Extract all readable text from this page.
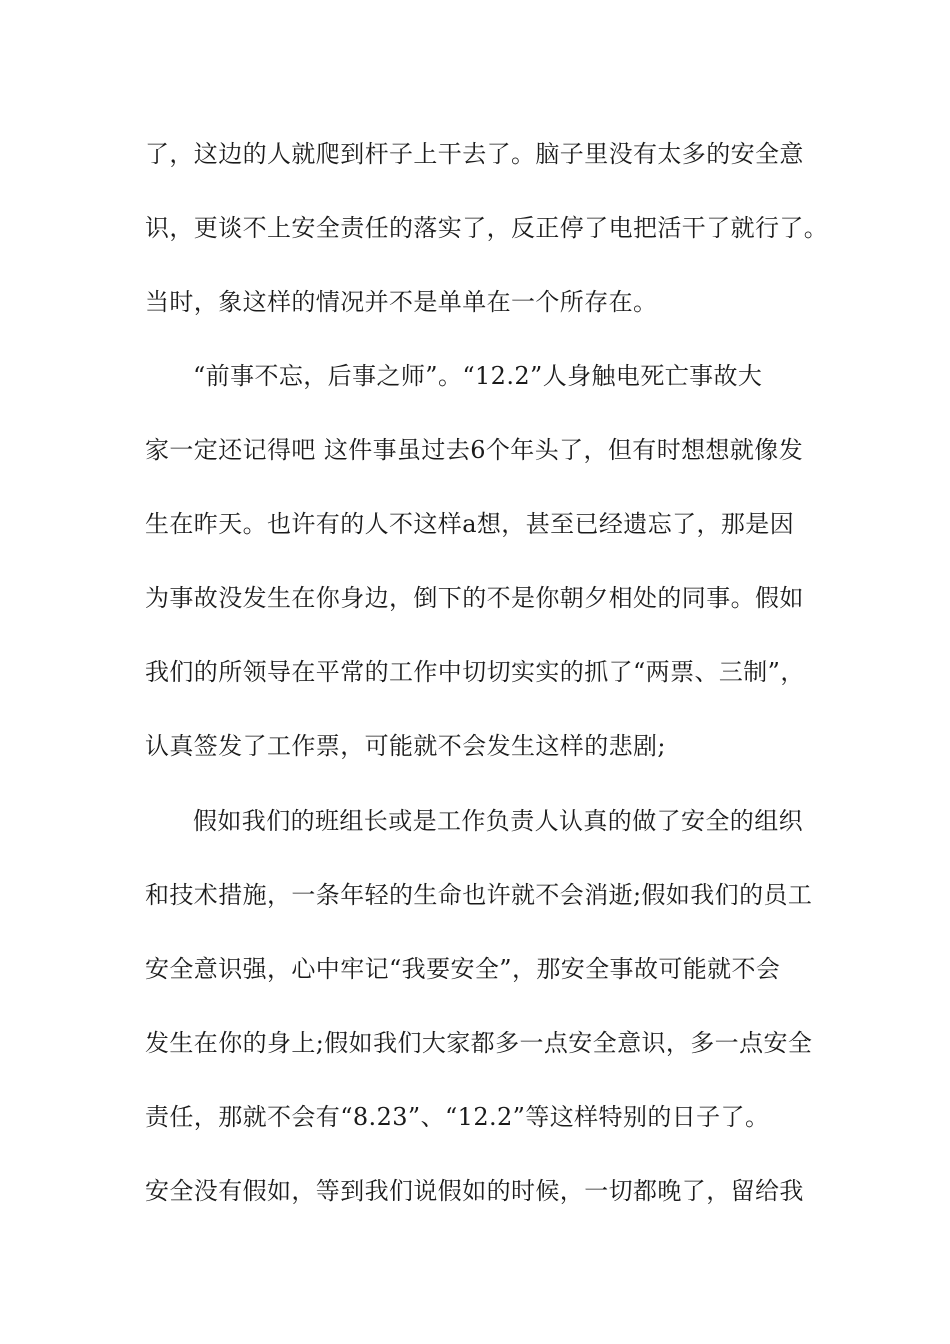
了，这边的人就爬到杆子上干去了。脑子里没有太多的安全意
识，更谈不上安全责任的落实了，反正停了电把活干了就行了。
当时，象这样的情况并不是单单在一个所存在。
“前事不忘，后事之师”。“12.2”人身触电死亡事故大
家一定还记得吧 这件事虽过去6个年头了，但有时想想就像发
生在昨天。也许有的人不这样a想，甚至已经遗忘了，那是因
为事故没发生在你身边，倒下的不是你朝夕相处的同事。假如
我们的所领导在平常的工作中切切实实的抓了“两票、三制”，
认真签发了工作票，可能就不会发生这样的悲剧;
假如我们的班组长或是工作负责人认真的做了安全的组织
和技术措施，一条年轻的生命也许就不会消逝;假如我们的员工
安全意识强，心中牢记“我要安全”，那安全事故可能就不会
发生在你的身上;假如我们大家都多一点安全意识，多一点安全
责任，那就不会有“8.23”、“12.2”等这样特别的日子了。
安全没有假如，等到我们说假如的时候，一切都晚了，留给我
